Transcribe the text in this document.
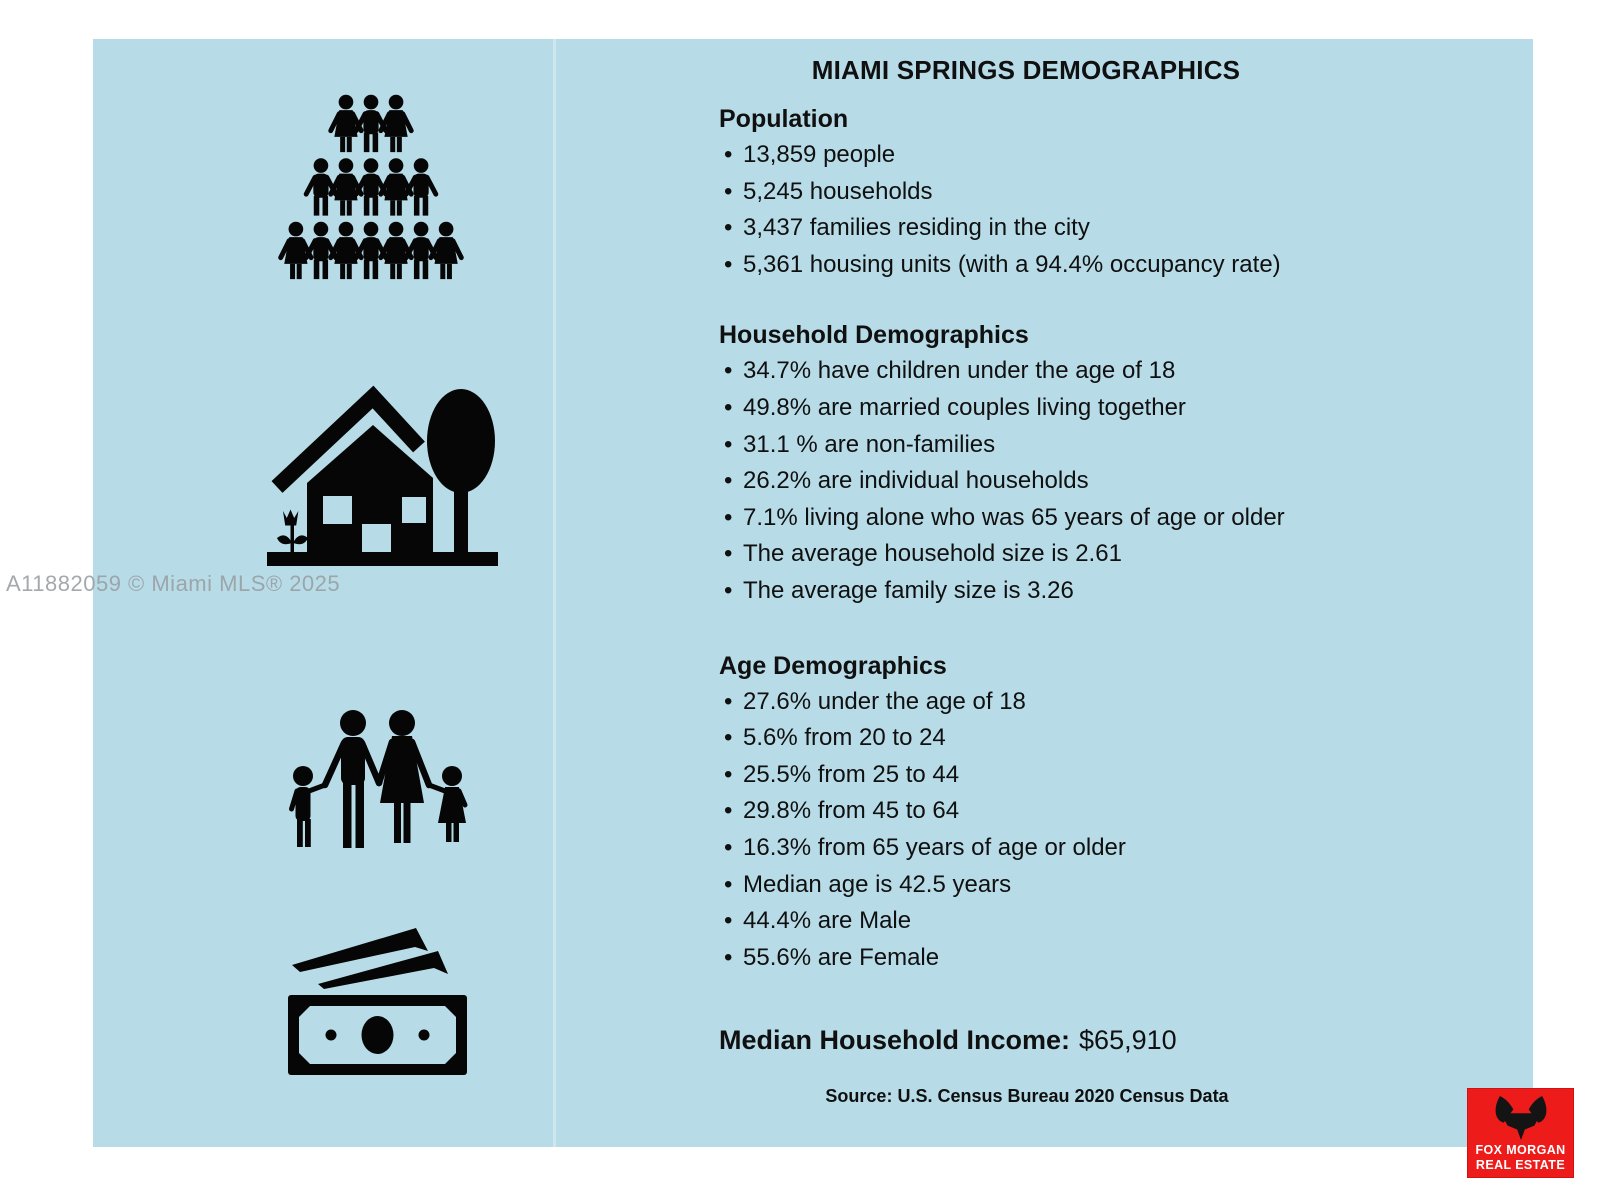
A11882059 © Miami MLS® 2025
MIAMI SPRINGS DEMOGRAPHICS
Population
• 13,859 people
• 5,245 households
• 3,437 families residing in the city
• 5,361 housing units (with a 94.4% occupancy rate)
Household Demographics
• 34.7% have children under the age of 18
• 49.8% are married couples living together
• 31.1 % are non-families
• 26.2% are individual households
• 7.1% living alone who was 65 years of age or older
• The average household size is 2.61
• The average family size is 3.26
Age Demographics
• 27.6% under the age of 18
• 5.6% from 20 to 24
• 25.5% from 25 to 44
• 29.8% from 45 to 64
• 16.3% from 65 years of age or older
• Median age is 42.5 years
• 44.4% are Male
• 55.6% are Female
Median Household Income: $65,910
Source: U.S. Census Bureau 2020 Census Data
FOX MORGAN
REAL ESTATE
